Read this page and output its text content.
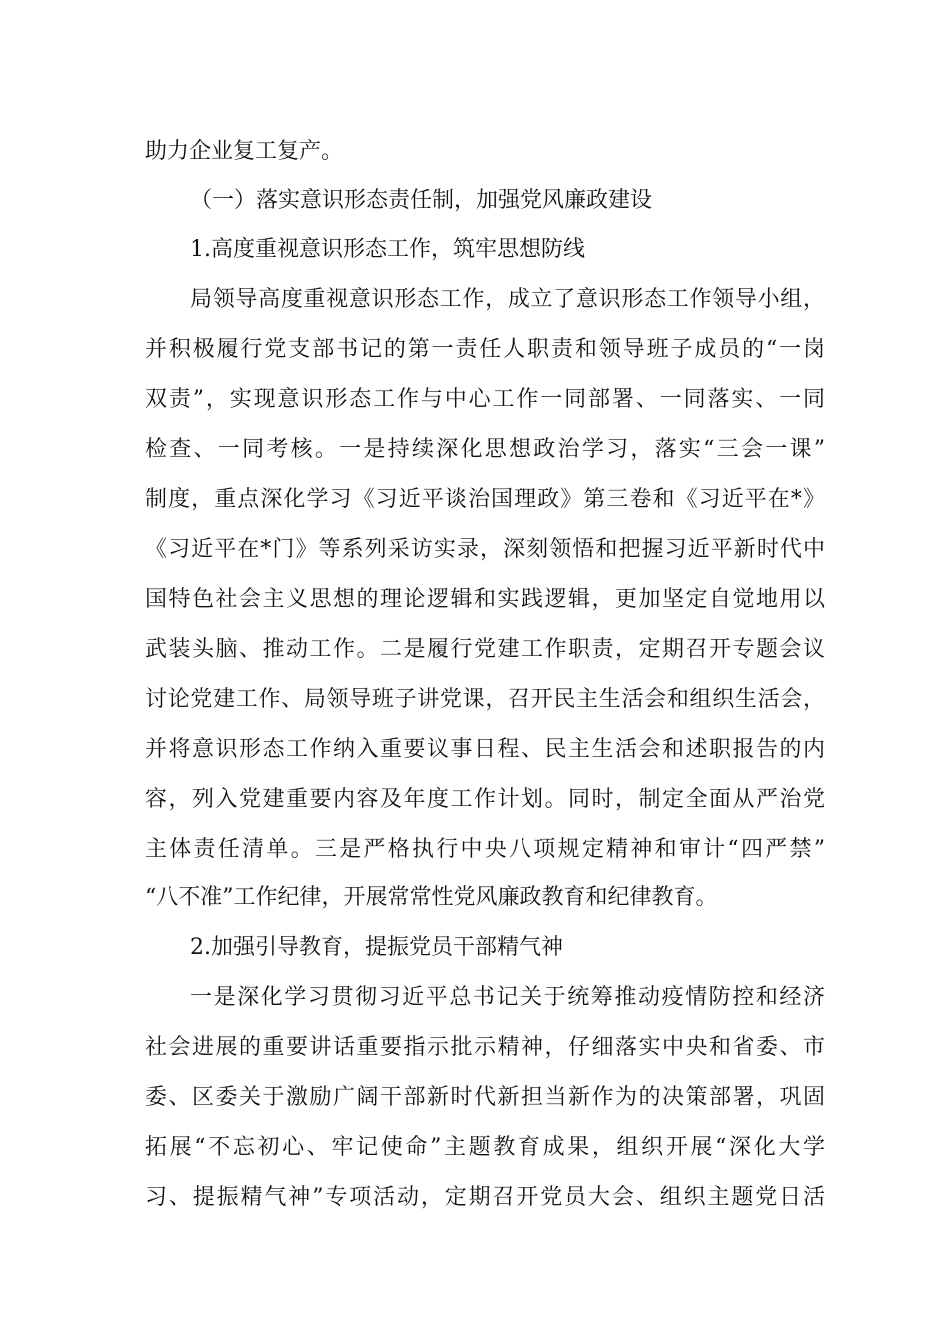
助力企业复工复产。
（一）落实意识形态责任制，加强党风廉政建设
1.高度重视意识形态工作，筑牢思想防线
局领导高度重视意识形态工作，成立了意识形态工作领导小组，
并积极履行党支部书记的第一责任人职责和领导班子成员的“一岗
双责”，实现意识形态工作与中心工作一同部署、一同落实、一同
检查、一同考核。一是持续深化思想政治学习，落实“三会一课”
制度，重点深化学习《习近平谈治国理政》第三卷和《习近平在*》
《习近平在*门》等系列采访实录，深刻领悟和把握习近平新时代中
国特色社会主义思想的理论逻辑和实践逻辑，更加坚定自觉地用以
武装头脑、推动工作。二是履行党建工作职责，定期召开专题会议
讨论党建工作、局领导班子讲党课，召开民主生活会和组织生活会，
并将意识形态工作纳入重要议事日程、民主生活会和述职报告的内
容，列入党建重要内容及年度工作计划。同时，制定全面从严治党
主体责任清单。三是严格执行中央八项规定精神和审计“四严禁”
“八不准”工作纪律，开展常常性党风廉政教育和纪律教育。
2.加强引导教育，提振党员干部精气神
一是深化学习贯彻习近平总书记关于统筹推动疫情防控和经济
社会进展的重要讲话重要指示批示精神，仔细落实中央和省委、市
委、区委关于激励广阔干部新时代新担当新作为的决策部署，巩固
拓展“不忘初心、牢记使命”主题教育成果，组织开展“深化大学
习、提振精气神”专项活动，定期召开党员大会、组织主题党日活
